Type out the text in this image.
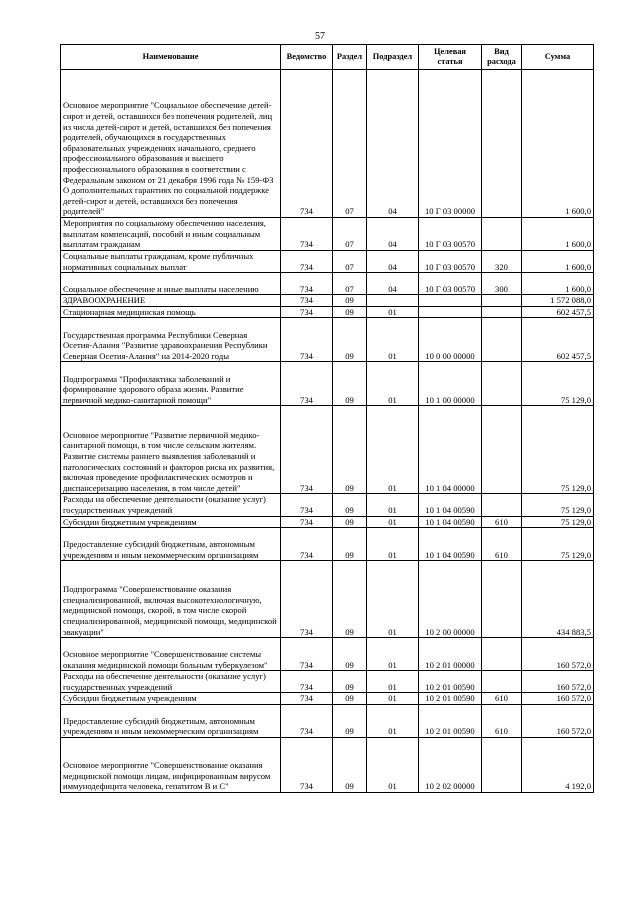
57
Наименование	Ведомство	Раздел	Подраздел	Целевая статья	Вид расхода	Сумма
Основное мероприятие "Социальное обеспечение детей-сирот и детей, оставшихся без попечения родителей, лиц из числа детей-сирот и детей, оставшихся без попечения родителей, обучающихся в государственных образовательных учреждениях начального, среднего профессионального образования и высшего профессионального образования в соответствии с Федеральным законом от 21 декабря 1996 года № 159-ФЗ О дополнительных гарантиях по социальной поддержке детей-сирот и детей, оставшихся без попечения родителей"	734	07	04	10 Г 03 00000		1 600,0
Мероприятия по социальному обеспечению населения, выплатам компенсаций, пособий и иным социальным выплатам гражданам	734	07	04	10 Г 03 00570		1 600,0
Социальные выплаты гражданам, кроме публичных нормативных социальных выплат	734	07	04	10 Г 03 00570	320	1 600,0
Социальное обеспечение и иные выплаты населению	734	07	04	10 Г 03 00570	300	1 600,0
ЗДРАВООХРАНЕНИЕ	734	09				1 572 088,0
Стационарная медицинская помощь	734	09	01			602 457,5
Государственная программа Республики Северная Осетия-Алания "Развитие здравоохранения Республики Северная Осетия-Алания" на 2014-2020 годы	734	09	01	10 0 00 00000		602 457,5
Подпрограмма "Профилактика заболеваний и формирование здорового образа жизни. Развитие первичной медико-санитарной помощи"	734	09	01	10 1 00 00000		75 129,0
Основное мероприятие "Развитие первичной медико-санитарной помощи, в том числе сельским жителям. Развитие системы раннего выявления заболеваний и патологических состояний и факторов риска их развития, включая проведение профилактических осмотров и диспансеризацию населения, в том числе детей"	734	09	01	10 1 04 00000		75 129,0
Расходы на обеспечение деятельности (оказание услуг) государственных учреждений	734	09	01	10 1 04 00590		75 129,0
Субсидии бюджетным учреждениям	734	09	01	10 1 04 00590	610	75 129,0
Предоставление субсидий бюджетным, автономным учреждениям и иным некоммерческим организациям	734	09	01	10 1 04 00590	610	75 129,0
Подпрограмма "Совершенствование оказания специализированной, включая высокотехнологичную, медицинской помощи, скорой, в том числе скорой специализированной, медицинской помощи, медицинской эвакуации"	734	09	01	10 2 00 00000		434 883,5
Основное мероприятие "Совершенствование системы оказания медицинской помощи больным туберкулезом"	734	09	01	10 2 01 00000		160 572,0
Расходы на обеспечение деятельности (оказание услуг) государственных учреждений	734	09	01	10 2 01 00590		160 572,0
Субсидии бюджетным учреждениям	734	09	01	10 2 01 00590	610	160 572,0
Предоставление субсидий бюджетным, автономным учреждениям и иным некоммерческим организациям	734	09	01	10 2 01 00590	610	160 572,0
Основное мероприятие "Совершенствование оказания медицинской помощи лицам, инфицированным вирусом иммунодефицита человека, гепатитом В и С"	734	09	01	10 2 02 00000		4 192,0
